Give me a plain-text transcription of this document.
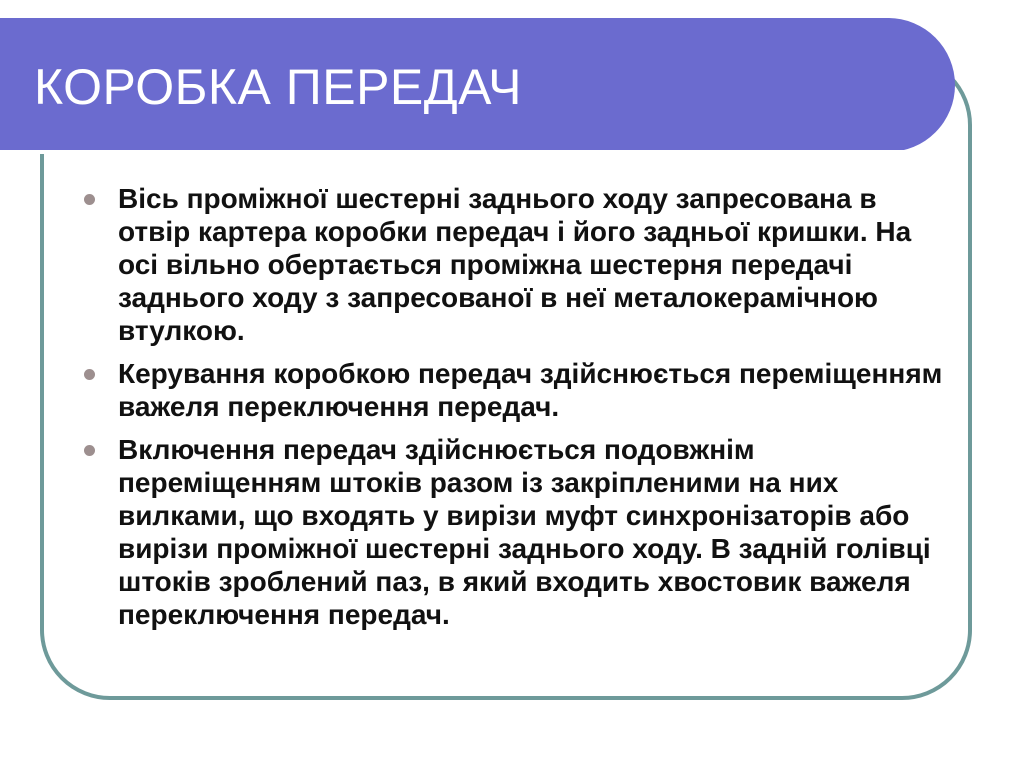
КОРОБКА ПЕРЕДАЧ
Вісь проміжної шестерні заднього ходу запресована в отвір картера коробки передач і його задньої кришки. На осі вільно обертається проміжна шестерня передачі заднього ходу з запресованої в неї металокерамічною втулкою.
Керування коробкою передач здійснюється переміщенням важеля переключення передач.
Включення передач здійснюється подовжнім переміщенням штоків разом із закріпленими на них вилками, що входять у вирізи муфт синхронізаторів або вирізи проміжної шестерні заднього ходу. В задній голівці штоків зроблений паз, в який входить хвостовик важеля переключення передач.
